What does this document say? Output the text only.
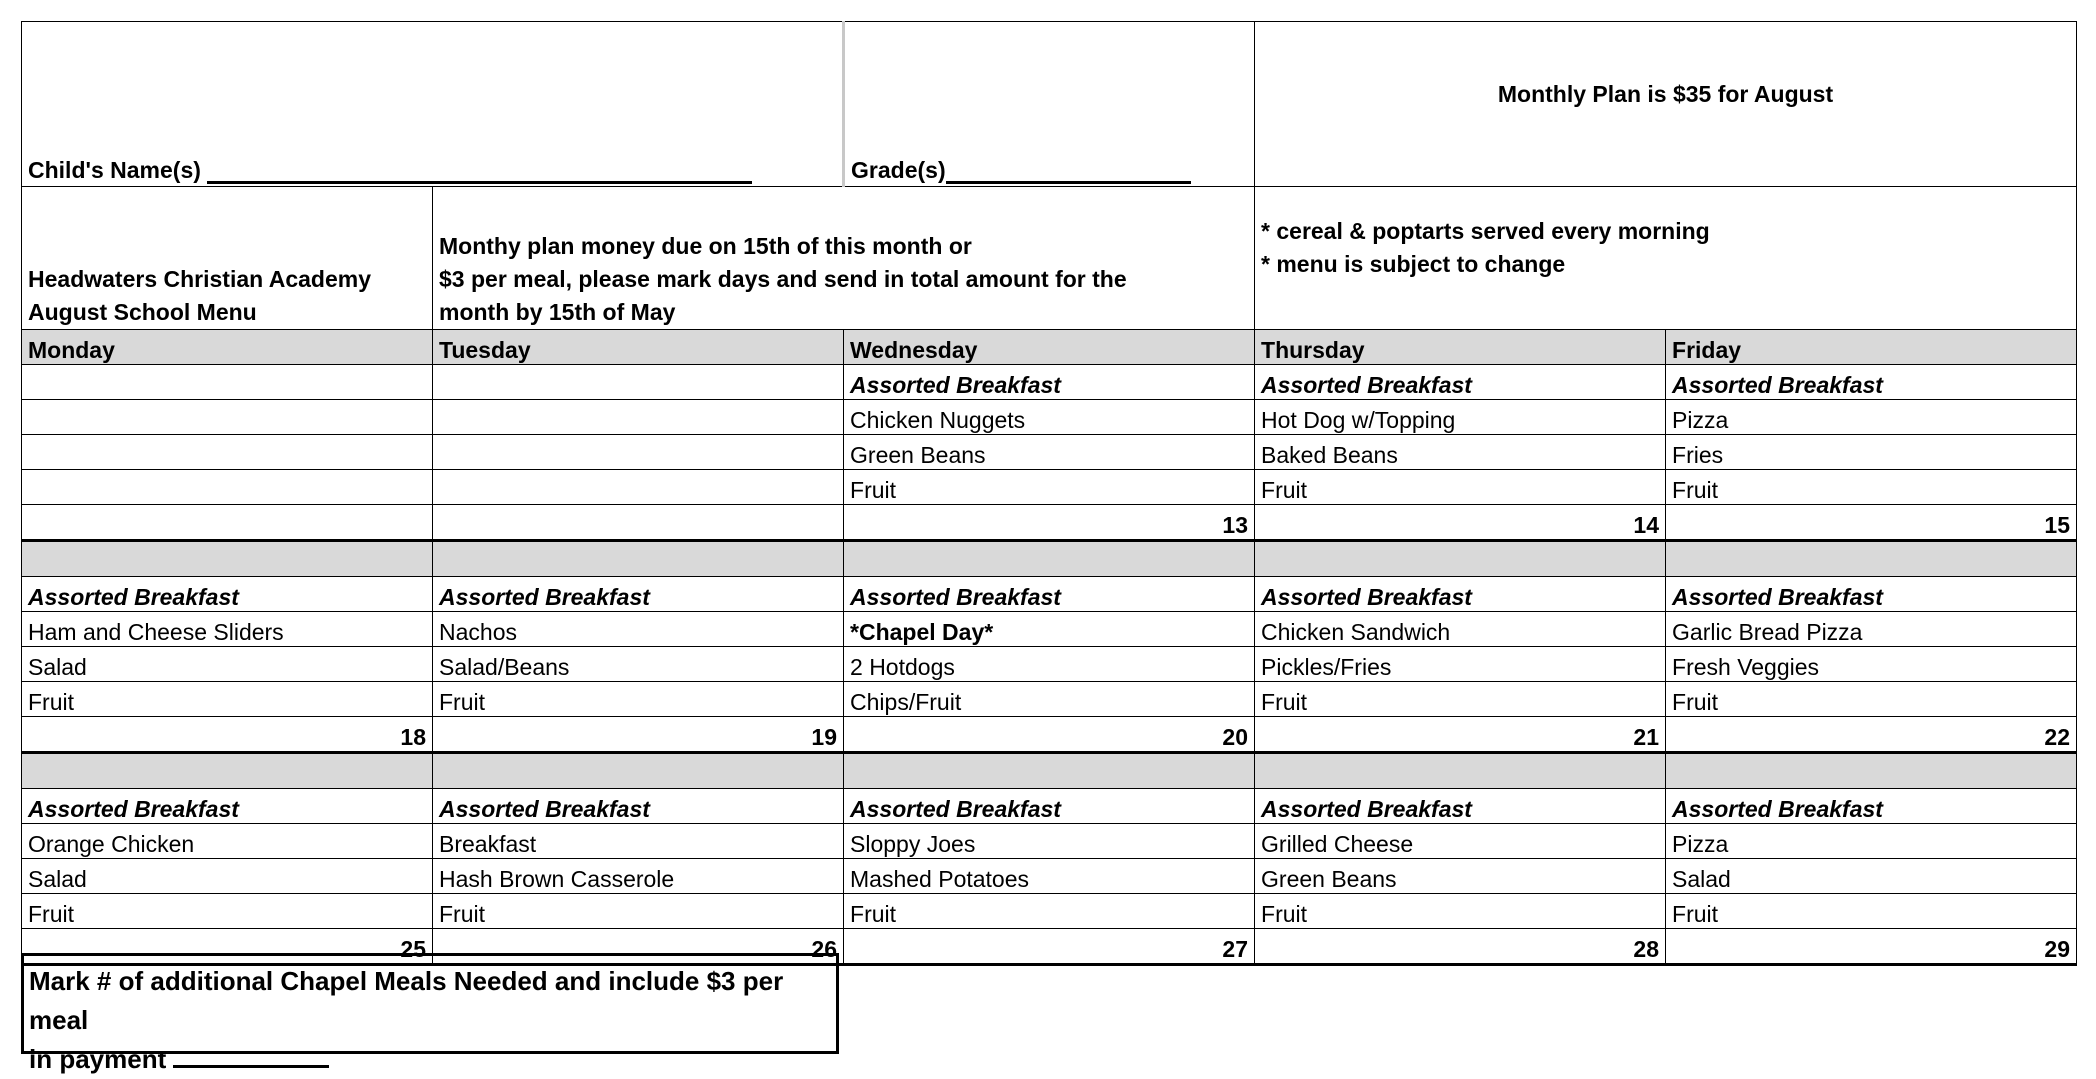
Child's Name(s)		Grade(s)	Monthly Plan is $35 for August	
Headwaters Christian Academy
August School Menu	Monthy plan money due on 15th of this month or
$3 per meal, please mark days and send in total amount for the
month by 15th of May		* cereal & poptarts served every morning
* menu is subject to change	
Monday	Tuesday	Wednesday	Thursday	Friday
		Assorted Breakfast	Assorted Breakfast	Assorted Breakfast
		Chicken Nuggets	Hot Dog w/Topping	Pizza
		Green Beans	Baked Beans	Fries
		Fruit	Fruit	Fruit
		13	14	15

Assorted Breakfast	Assorted Breakfast	Assorted Breakfast	Assorted Breakfast	Assorted Breakfast
Ham and Cheese Sliders	Nachos	*Chapel Day*	Chicken Sandwich	Garlic Bread Pizza
Salad	Salad/Beans	2 Hotdogs	Pickles/Fries	Fresh Veggies
Fruit	Fruit	Chips/Fruit	Fruit	Fruit
18	19	20	21	22

Assorted Breakfast	Assorted Breakfast	Assorted Breakfast	Assorted Breakfast	Assorted Breakfast
Orange Chicken	Breakfast	Sloppy Joes	Grilled Cheese	Pizza
Salad	Hash Brown Casserole	Mashed Potatoes	Green Beans	Salad
Fruit	Fruit	Fruit	Fruit	Fruit
25	26	27	28	29
Mark # of additional Chapel Meals Needed and include $3 per meal
in payment
